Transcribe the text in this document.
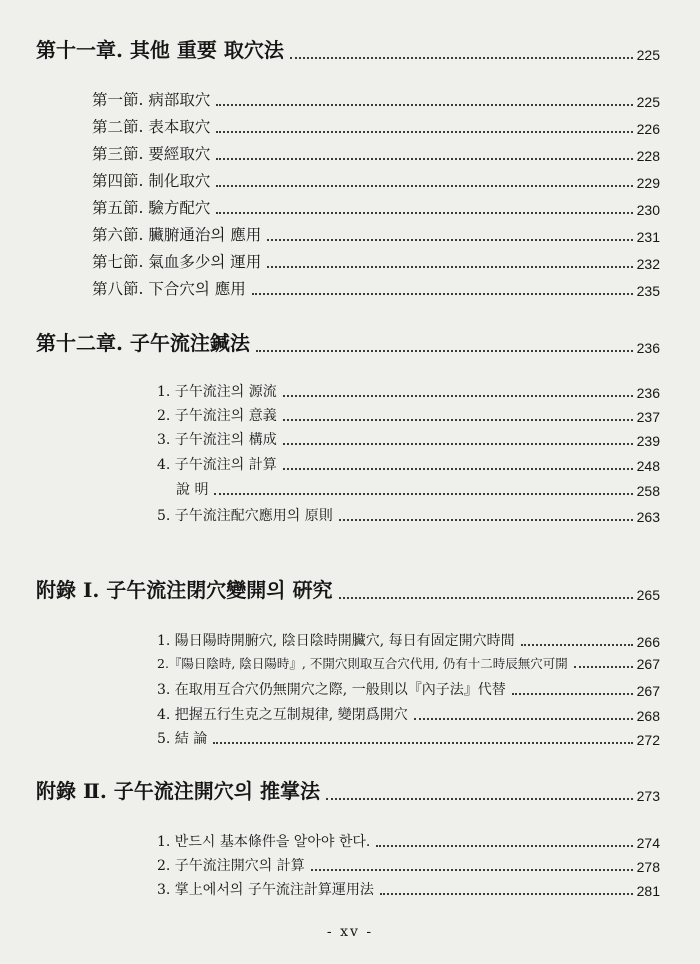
第十一章. 其他 重要 取穴法	225
第一節. 病部取穴	225
第二節. 表本取穴	226
第三節. 要經取穴	228
第四節. 制化取穴	229
第五節. 驗方配穴	230
第六節. 臟腑通治의 應用	231
第七節. 氣血多少의 運用	232
第八節. 下合穴의 應用	235
第十二章. 子午流注鍼法	236
1. 子午流注의 源流	236
2. 子午流注의 意義	237
3. 子午流注의 構成	239
4. 子午流注의 計算	248
說 明	258
5. 子午流注配穴應用의 原則	263
附錄 Ⅰ. 子午流注閉穴變開의 硏究	265
1. 陽日陽時開腑穴, 陰日陰時開臟穴, 每日有固定開穴時間	266
2.『陽日陰時, 陰日陽時』, 不開穴則取互合穴代用, 仍有十二時辰無穴可開	267
3. 在取用互合穴仍無開穴之際, 一般則以『內子法』代替	267
4. 把握五行生克之互制規律, 變閉爲開穴	268
5. 結 論	272
附錄 Ⅱ. 子午流注開穴의 推掌法	273
1. 반드시 基本條件을 알아야 한다.	274
2. 子午流注開穴의 計算	278
3. 掌上에서의 子午流注計算運用法	281
- xv -
